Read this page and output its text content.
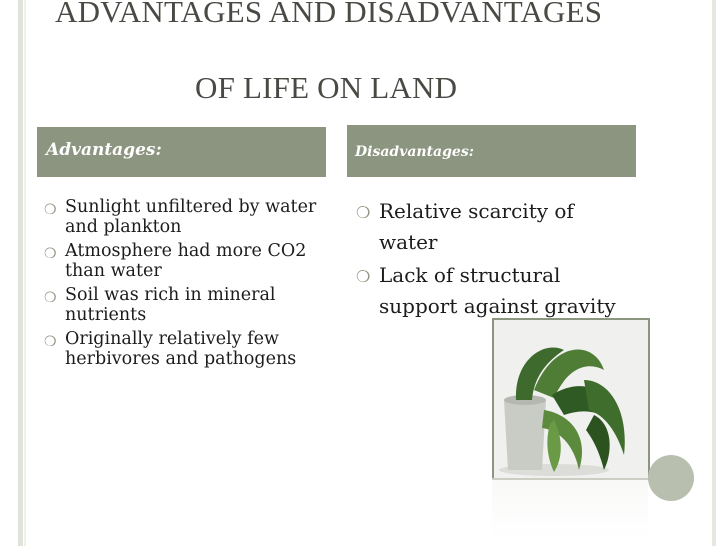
ADVANTAGES AND DISADVANTAGES
OF LIFE ON LAND
Advantages:	Disadvantages:
❍ Sunlight unfiltered by water and plankton
❍ Atmosphere had more CO2 than water
❍ Soil was rich in mineral nutrients
❍ Originally relatively few herbivores and pathogens
❍ Relative scarcity of water
❍ Lack of structural support against gravity
